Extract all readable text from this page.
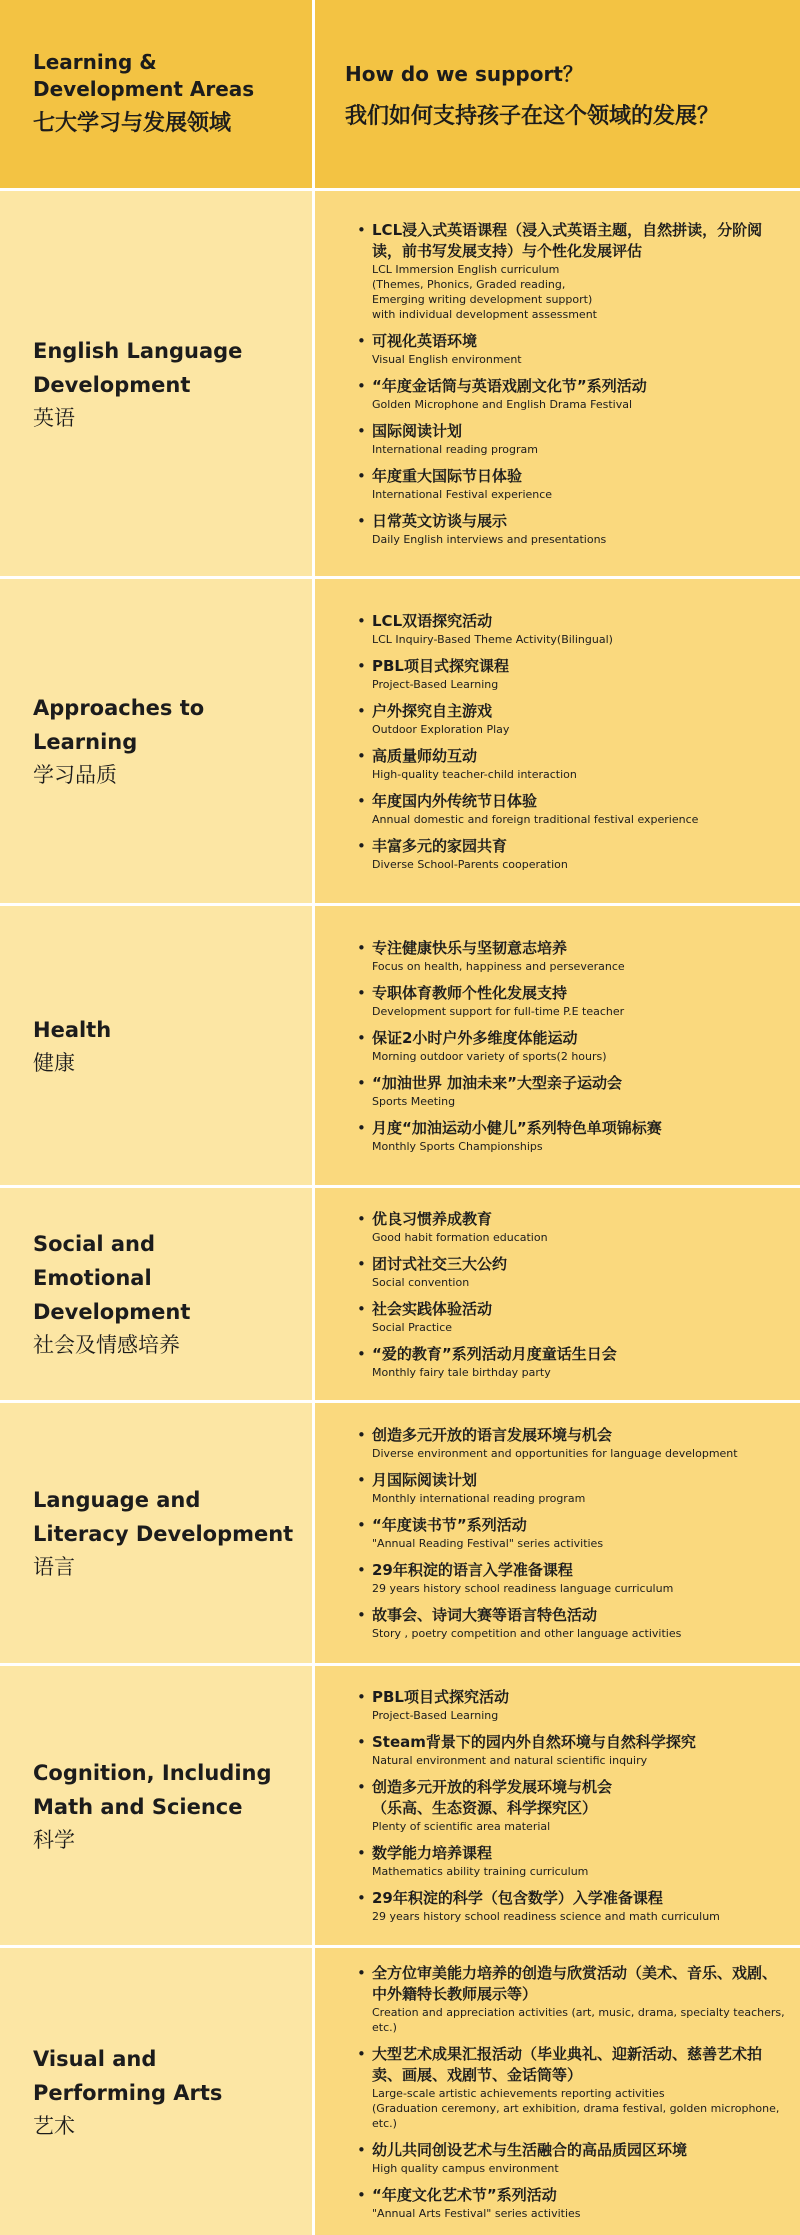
Learning &
Development Areas
七大学习与发展领域
How do we support？
我们如何支持孩子在这个领域的发展？
English Language
Development
英语
• LCL浸入式英语课程（浸入式英语主题，自然拼读，分阶阅读，前书写发展支持）与个性化发展评估
LCL Immersion English curriculum
(Themes, Phonics, Graded reading,
Emerging writing development support)
with individual development assessment
• 可视化英语环境
Visual English environment
• “年度金话筒与英语戏剧文化节”系列活动
Golden Microphone and English Drama Festival
• 国际阅读计划
International reading program
• 年度重大国际节日体验
International Festival experience
• 日常英文访谈与展示
Daily English interviews and presentations
Approaches to Learning
学习品质
• LCL双语探究活动
LCL Inquiry-Based Theme Activity(Bilingual)
• PBL项目式探究课程
Project-Based Learning
• 户外探究自主游戏
Outdoor Exploration Play
• 高质量师幼互动
High-quality teacher-child interaction
• 年度国内外传统节日体验
Annual domestic and foreign traditional festival experience
• 丰富多元的家园共育
Diverse School-Parents cooperation
Health
健康
• 专注健康快乐与坚韧意志培养
Focus on health, happiness and perseverance
• 专职体育教师个性化发展支持
Development support for full-time P.E teacher
• 保证2小时户外多维度体能运动
Morning outdoor variety of sports(2 hours)
• “加油世界 加油未来”大型亲子运动会
Sports Meeting
• 月度“加油运动小健儿”系列特色单项锦标赛
Monthly Sports Championships
Social and
Emotional
Development
社会及情感培养
• 优良习惯养成教育
Good habit formation education
• 团讨式社交三大公约
Social convention
• 社会实践体验活动
Social Practice
• “爱的教育”系列活动月度童话生日会
Monthly fairy tale birthday party
Language and
Literacy Development
语言
• 创造多元开放的语言发展环境与机会
Diverse environment and opportunities for language development
• 月国际阅读计划
Monthly international reading program
• “年度读书节”系列活动
"Annual Reading Festival" series activities
• 29年积淀的语言入学准备课程
29 years history school readiness language curriculum
• 故事会、诗词大赛等语言特色活动
Story , poetry competition and other language activities
Cognition, Including
Math and Science
科学
• PBL项目式探究活动
Project-Based Learning
• Steam背景下的园内外自然环境与自然科学探究
Natural environment and natural scientific inquiry
• 创造多元开放的科学发展环境与机会
（乐高、生态资源、科学探究区）
Plenty of scientific area material
• 数学能力培养课程
Mathematics ability training curriculum
• 29年积淀的科学（包含数学）入学准备课程
29 years history school readiness science and math curriculum
Visual and
Performing Arts
艺术
• 全方位审美能力培养的创造与欣赏活动（美术、音乐、戏剧、中外籍特长教师展示等）
Creation and appreciation activities (art, music, drama, specialty teachers, etc.)
• 大型艺术成果汇报活动（毕业典礼、迎新活动、慈善艺术拍卖、画展、戏剧节、金话筒等）
Large-scale artistic achievements reporting activities
(Graduation ceremony, art exhibition, drama festival, golden microphone, etc.)
• 幼儿共同创设艺术与生活融合的高品质园区环境
High quality campus environment
• “年度文化艺术节”系列活动
"Annual Arts Festival" series activities
